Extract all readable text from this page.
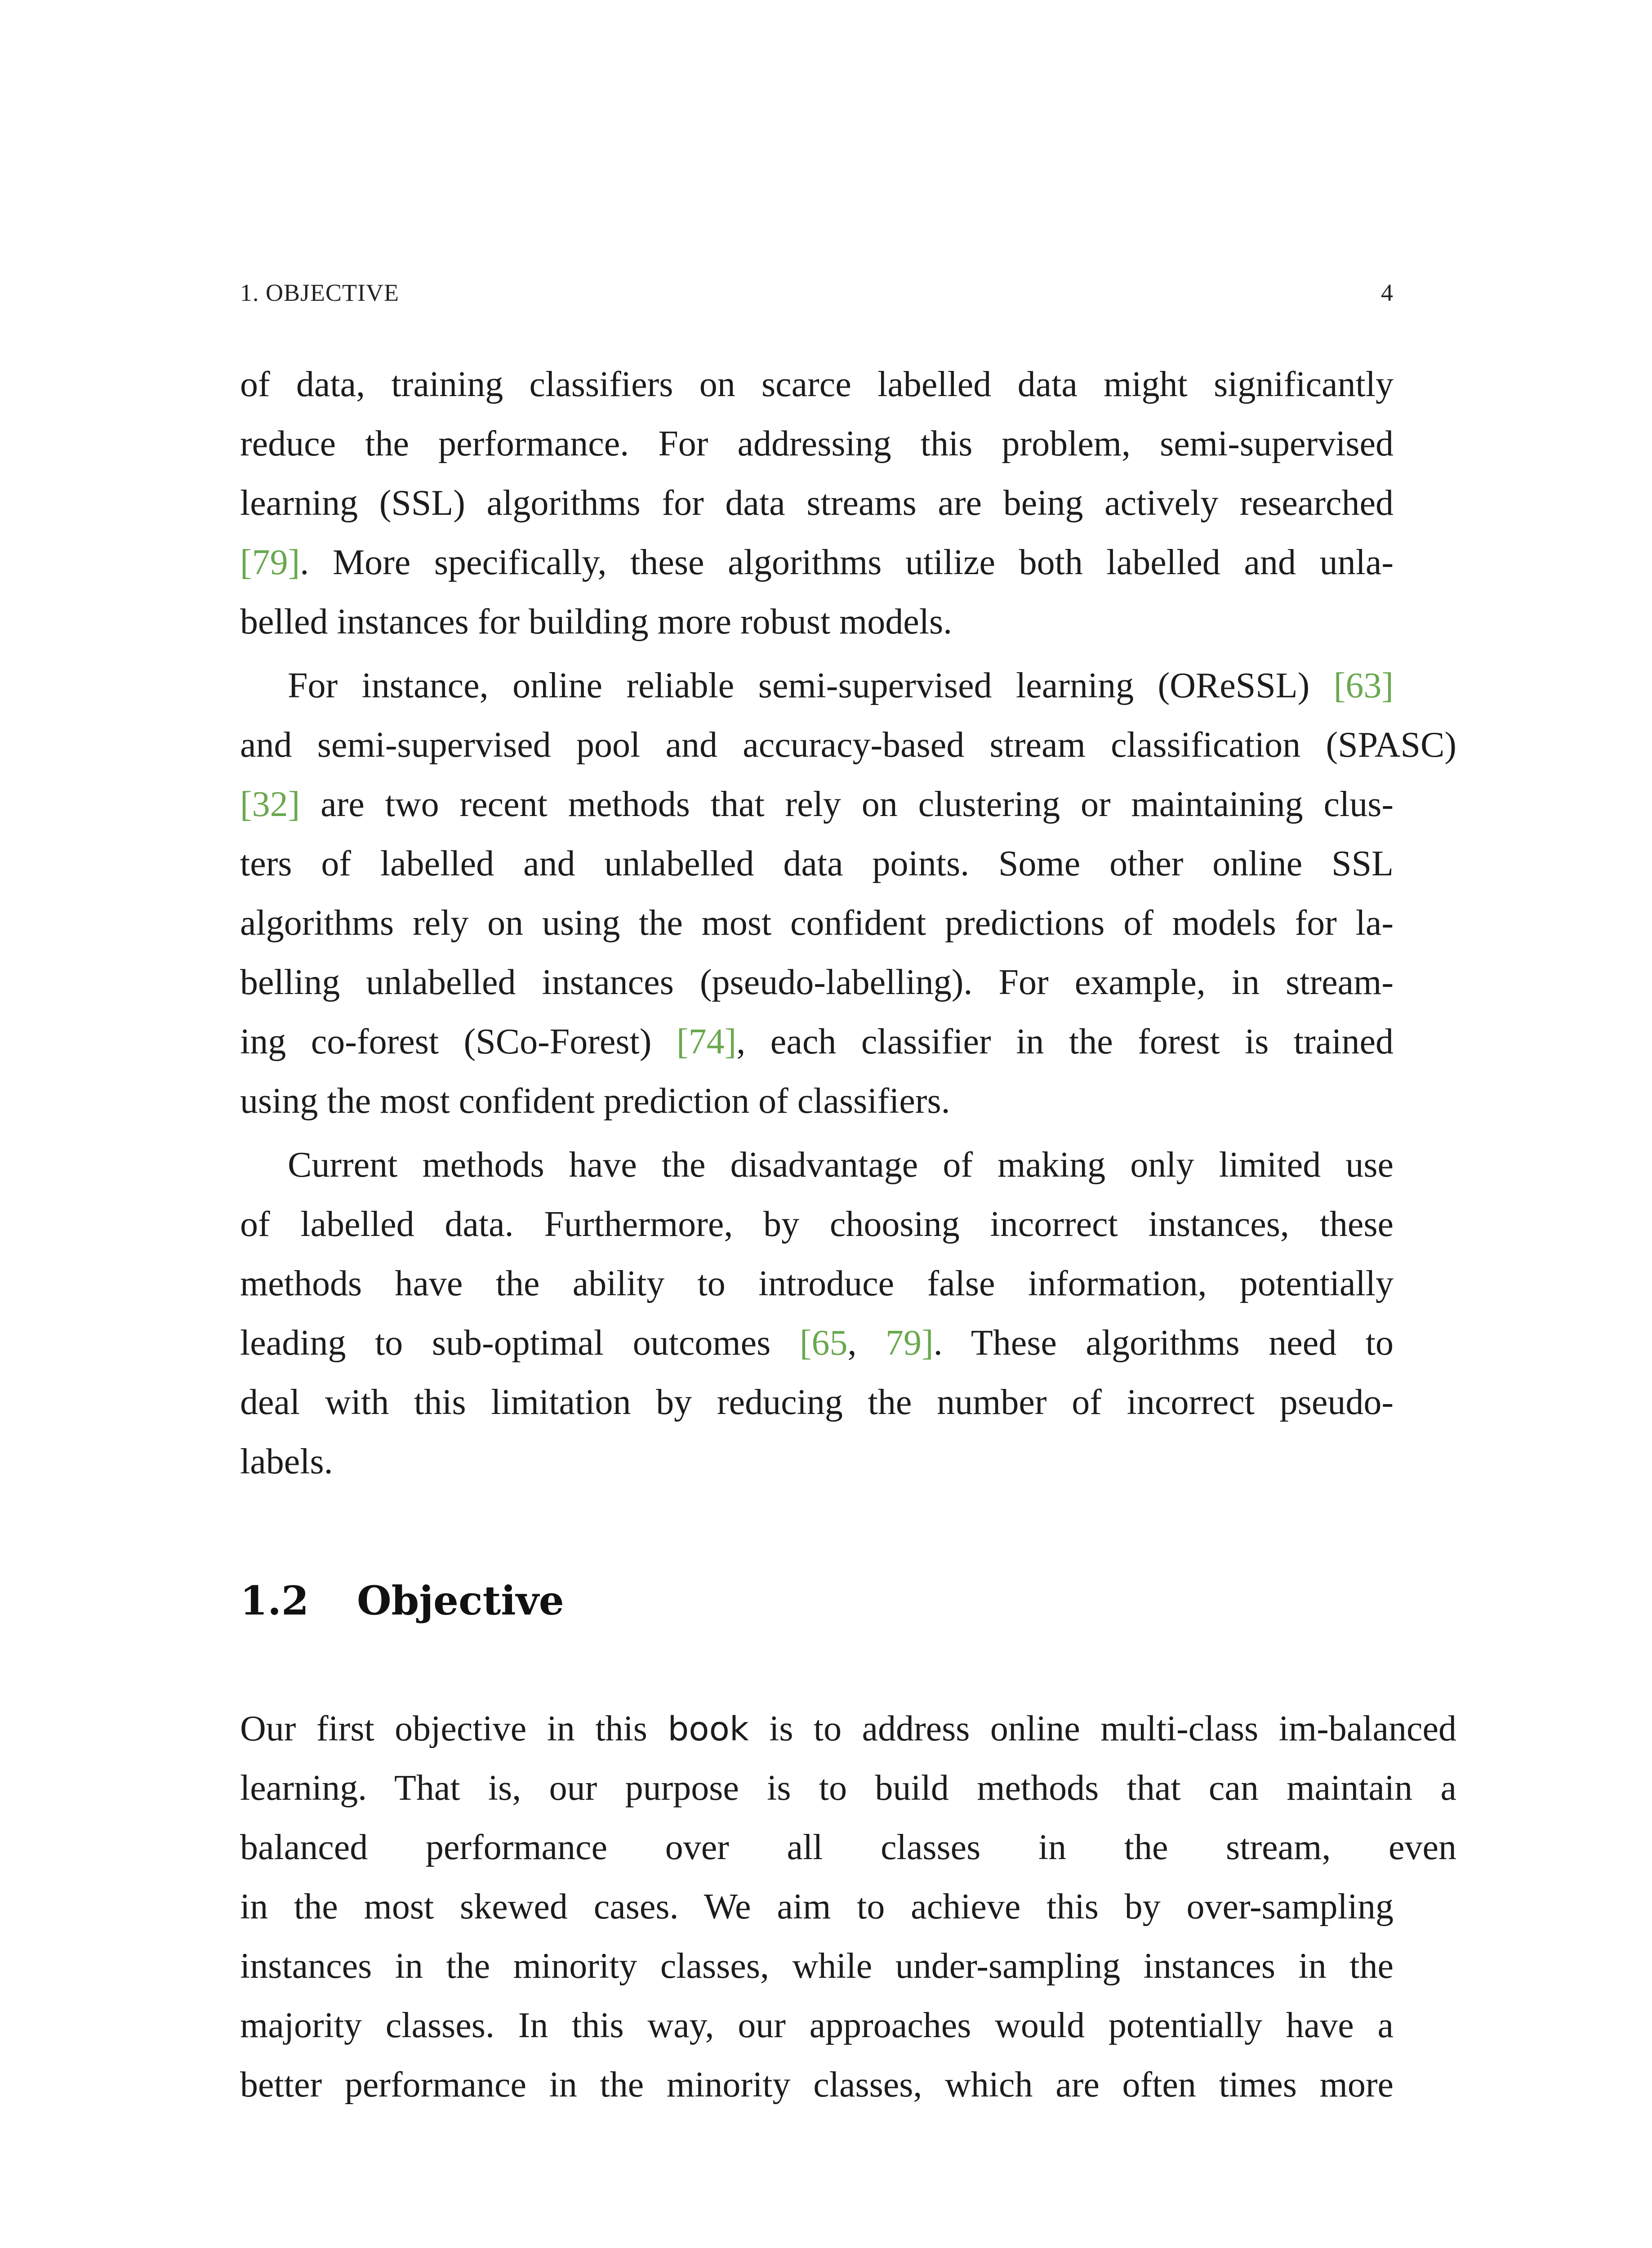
1. OBJECTIVE	4
of data, training classifiers on scarce labelled data might significantly
reduce the performance. For addressing this problem, semi-supervised
learning (SSL) algorithms for data streams are being actively researched
[79]. More specifically, these algorithms utilize both labelled and unla-
belled instances for building more robust models.
For instance, online reliable semi-supervised learning (OReSSL) [63]
and semi-supervised pool and accuracy-based stream classification (SPASC)
[32] are two recent methods that rely on clustering or maintaining clus-
ters of labelled and unlabelled data points. Some other online SSL
algorithms rely on using the most confident predictions of models for la-
belling unlabelled instances (pseudo-labelling). For example, in stream-
ing co-forest (SCo-Forest) [74], each classifier in the forest is trained
using the most confident prediction of classifiers.
Current methods have the disadvantage of making only limited use
of labelled data. Furthermore, by choosing incorrect instances, these
methods have the ability to introduce false information, potentially
leading to sub-optimal outcomes [65, 79]. These algorithms need to
deal with this limitation by reducing the number of incorrect pseudo-
labels.
1.2 Objective
Our first objective in this book is to address online multi-class im-balanced
learning. That is, our purpose is to build methods that can maintain a
balanced performance over all classes in the stream, even
in the most skewed cases. We aim to achieve this by over-sampling
instances in the minority classes, while under-sampling instances in the
majority classes. In this way, our approaches would potentially have a
better performance in the minority classes, which are often times more
